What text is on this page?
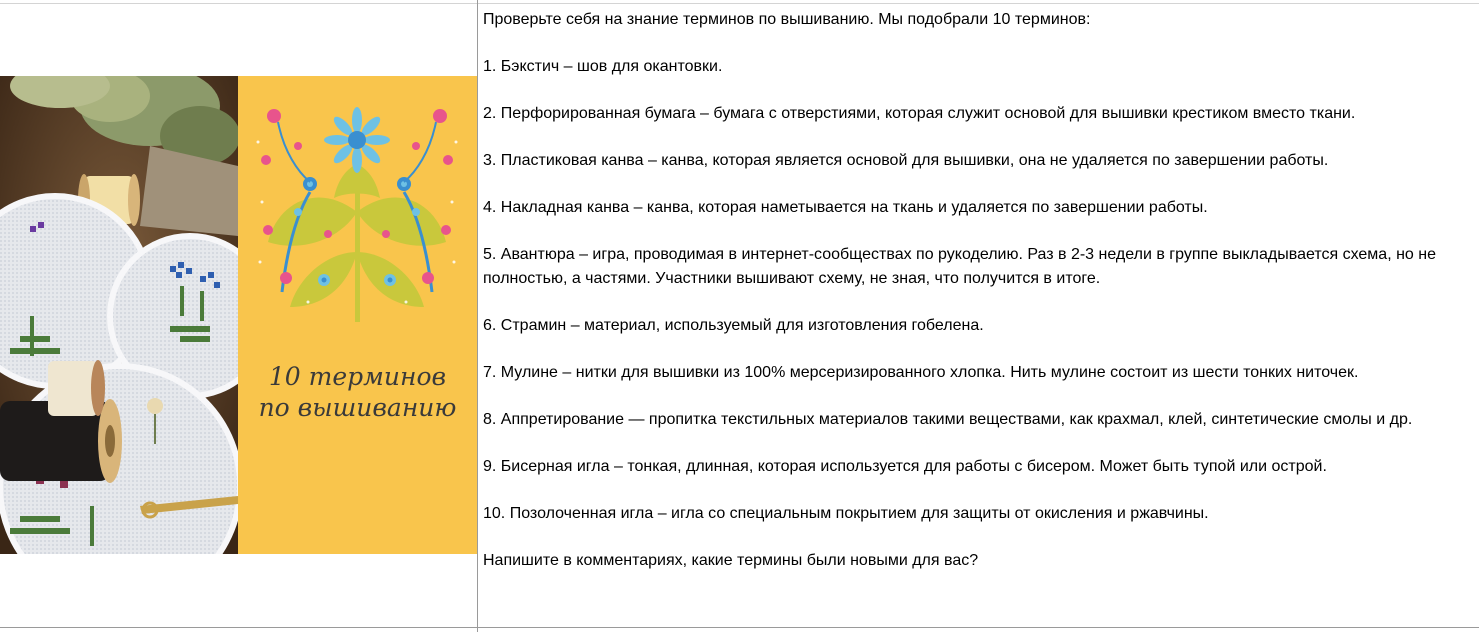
10 терминов
по вышиванию

Проверьте себя на знание терминов по вышиванию. Мы подобрали 10 терминов:

1. Бэкстич – шов для окантовки.

2. Перфорированная бумага – бумага с отверстиями, которая служит основой для вышивки крестиком вместо ткани.

3. Пластиковая канва – канва, которая является основой для вышивки, она не удаляется по завершении работы.

4. Накладная канва – канва, которая наметывается на ткань и удаляется по завершении работы.

5. Авантюра – игра, проводимая в интернет-сообществах по рукоделию. Раз в 2-3 недели в группе выкладывается схема, но не полностью, а частями. Участники вышивают схему, не зная, что получится в итоге.

6. Страмин – материал, используемый для изготовления гобелена.

7. Мулине – нитки для вышивки из 100% мерсеризированного хлопка. Нить мулине состоит из шести тонких ниточек.

8. Аппретирование — пропитка текстильных материалов такими веществами, как крахмал, клей, синтетические смолы и др.

9. Бисерная игла – тонкая, длинная, которая используется для работы с бисером. Может быть тупой или острой.

10. Позолоченная игла – игла со специальным покрытием для защиты от окисления и ржавчины.

Напишите в комментариях, какие термины были новыми для вас?
